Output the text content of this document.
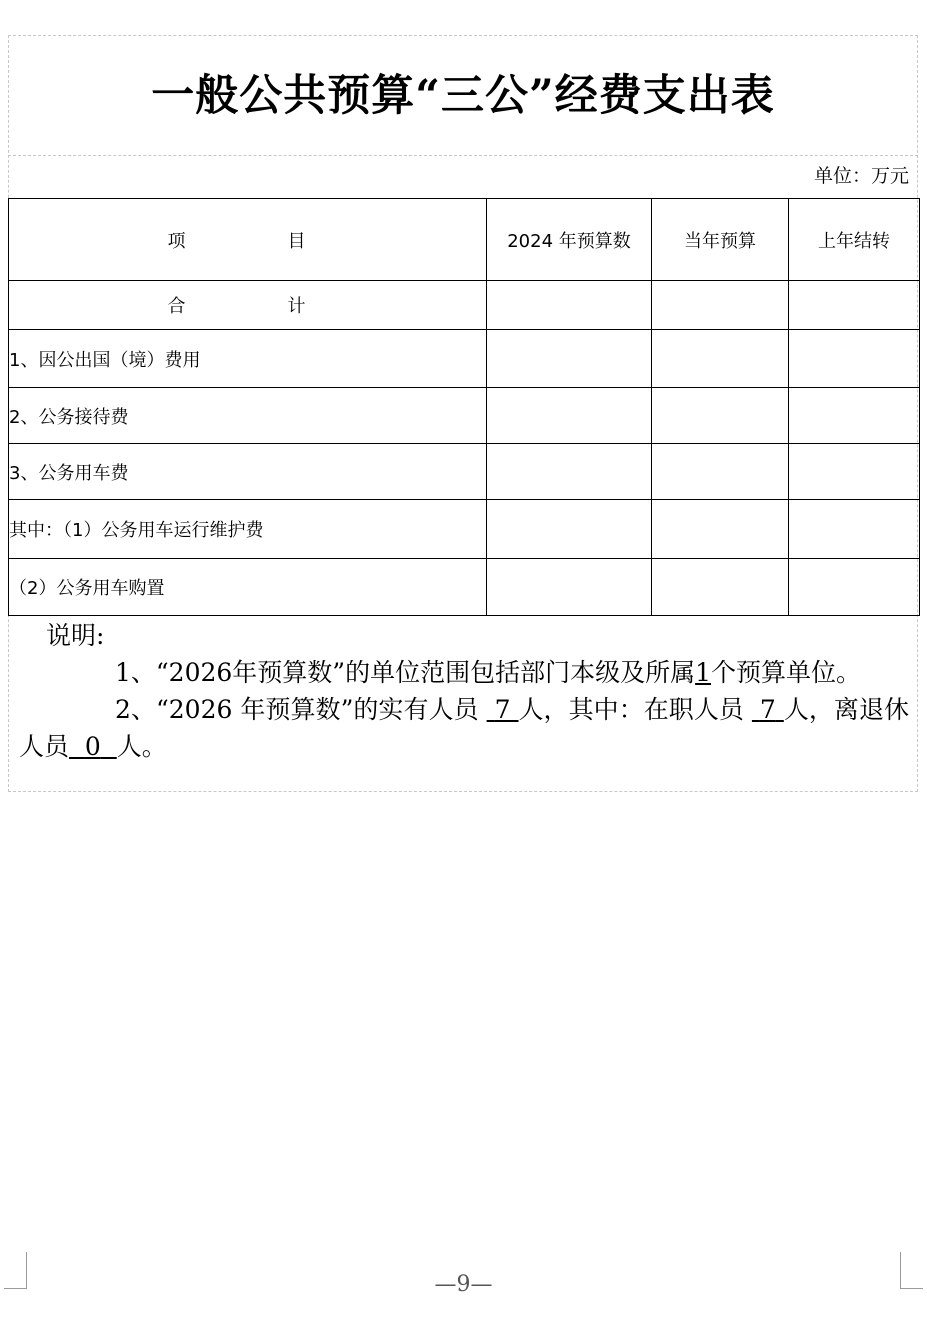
一般公共预算“三公”经费支出表
单位：万元
项　　目	2024 年预算数	当年预算	上年结转
合　　计			
1、因公出国（境）费用			
2、公务接待费			
3、公务用车费			
其中：（1）公务用车运行维护费			
（2）公务用车购置			

说明:

1、“2026年预算数”的单位范围包括部门本级及所属1个预算单位。

2、“2026 年预算数”的实有人员  7 人，其中：在职人员  7 人，离退休人员 0 人。

—9—
